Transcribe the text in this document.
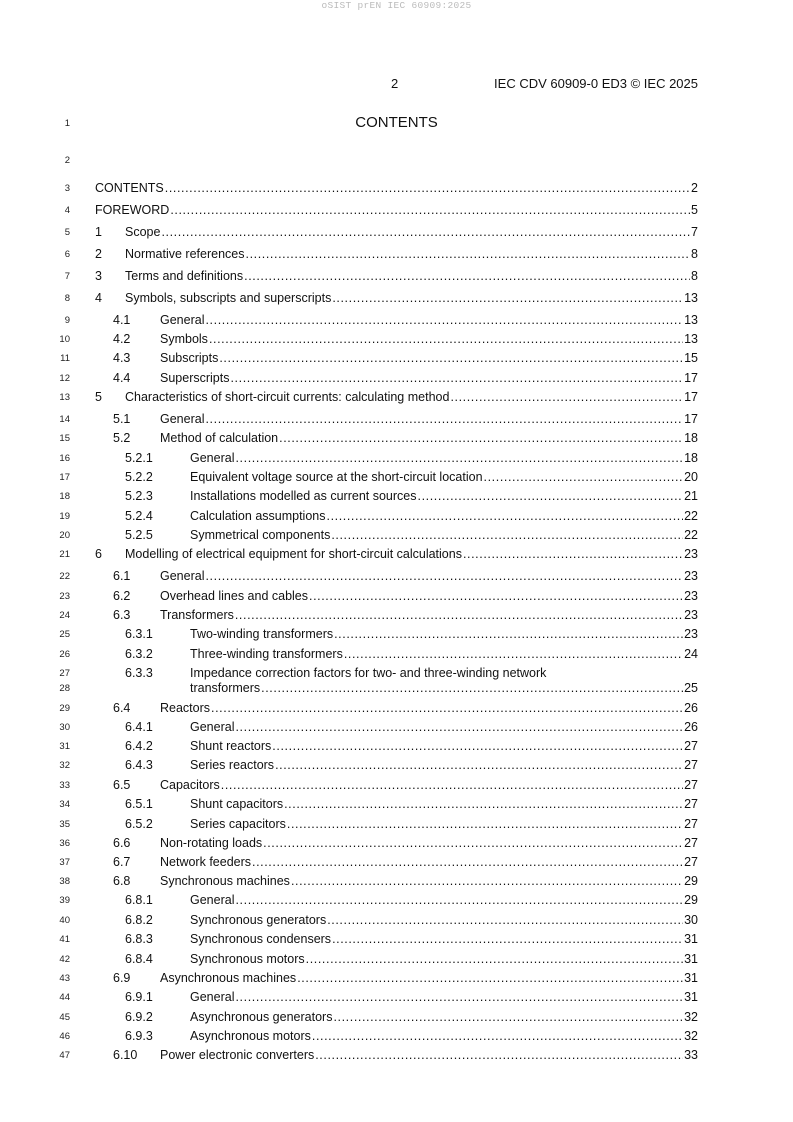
oSIST prEN IEC 60909:2025
2	IEC CDV 60909-0 ED3 © IEC 2025
1	CONTENTS
2
3 CONTENTS .....	2
4 FOREWORD .....	5
5 1 Scope .....	7
6 2 Normative references .....	8
7 3 Terms and definitions .....	8
8 4 Symbols, subscripts and superscripts .....	13
9	4.1 General .....	13
10	4.2 Symbols .....	13
11	4.3 Subscripts .....	15
12	4.4 Superscripts .....	17
13 5 Characteristics of short-circuit currents: calculating method .....	17
14	5.1 General .....	17
15	5.2 Method of calculation .....	18
16	5.2.1	General .....	18
17	5.2.2	Equivalent voltage source at the short-circuit location .....	20
18	5.2.3	Installations modelled as current sources .....	21
19	5.2.4	Calculation assumptions .....	22
20	5.2.5	Symmetrical components .....	22
21 6 Modelling of electrical equipment for short-circuit calculations .....	23
22	6.1 General .....	23
23	6.2 Overhead lines and cables .....	23
24	6.3 Transformers .....	23
25	6.3.1	Two-winding transformers .....	23
26	6.3.2	Three-winding transformers .....	24
27	6.3.3	Impedance correction factors for two- and three-winding network
28	transformers .....	25
29	6.4 Reactors .....	26
30	6.4.1	General .....	26
31	6.4.2	Shunt reactors .....	27
32	6.4.3	Series reactors .....	27
33	6.5 Capacitors .....	27
34	6.5.1	Shunt capacitors .....	27
35	6.5.2	Series capacitors .....	27
36	6.6 Non-rotating loads .....	27
37	6.7 Network feeders .....	27
38	6.8 Synchronous machines .....	29
39	6.8.1	General .....	29
40	6.8.2	Synchronous generators .....	30
41	6.8.3	Synchronous condensers .....	31
42	6.8.4	Synchronous motors .....	31
43	6.9 Asynchronous machines .....	31
44	6.9.1	General .....	31
45	6.9.2	Asynchronous generators .....	32
46	6.9.3	Asynchronous motors .....	32
47	6.10 Power electronic converters .....	33
